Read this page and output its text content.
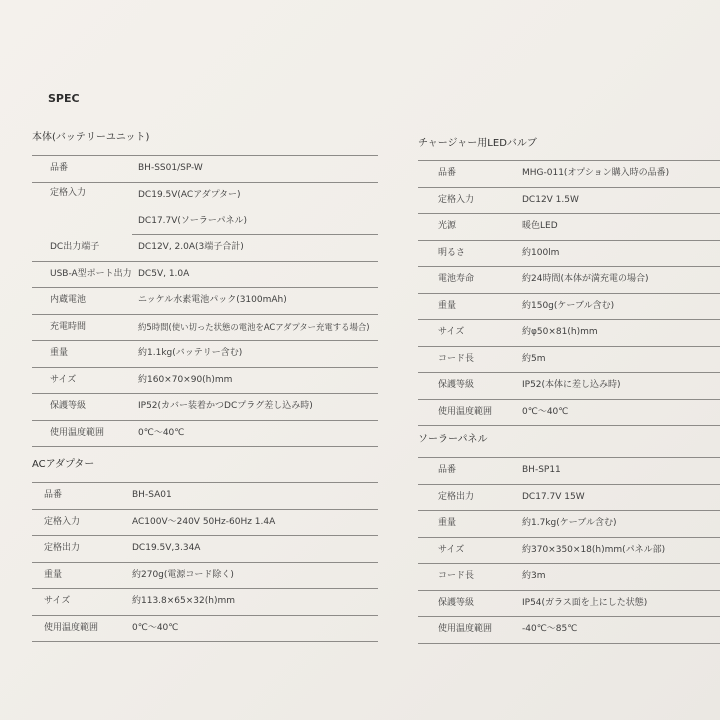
SPEC
本体(バッテリーユニット)
品番	BH-SS01/SP-W
定格入力	DC19.5V(ACアダプター)
DC17.7V(ソーラーパネル)
DC出力端子	DC12V, 2.0A(3端子合計)
USB-A型ポート出力 DC5V, 1.0A
内蔵電池	ニッケル水素電池パック(3100mAh)
充電時間	約5時間(使い切った状態の電池をACアダプター充電する場合)
重量	約1.1kg(バッテリー含む)
サイズ	約160×70×90(h)mm
保護等級	IP52(カバー装着かつDCプラグ差し込み時)
使用温度範囲	0℃〜40℃
ACアダプター
品番	BH-SA01
定格入力	AC100V〜240V 50Hz-60Hz 1.4A
定格出力	DC19.5V,3.34A
重量	約270g(電源コード除く)
サイズ	約113.8×65×32(h)mm
使用温度範囲	0℃〜40℃
チャージャー用LEDバルブ
品番	MHG-011(オプション購入時の品番)
定格入力	DC12V 1.5W
光源	暖色LED
明るさ	約100lm
電池寿命	約24時間(本体が満充電の場合)
重量	約150g(ケーブル含む)
サイズ	約φ50×81(h)mm
コード長	約5m
保護等級	IP52(本体に差し込み時)
使用温度範囲	0℃〜40℃
ソーラーパネル
品番	BH-SP11
定格出力	DC17.7V 15W
重量	約1.7kg(ケーブル含む)
サイズ	約370×350×18(h)mm(パネル部)
コード長	約3m
保護等級	IP54(ガラス面を上にした状態)
使用温度範囲	-40℃〜85℃
